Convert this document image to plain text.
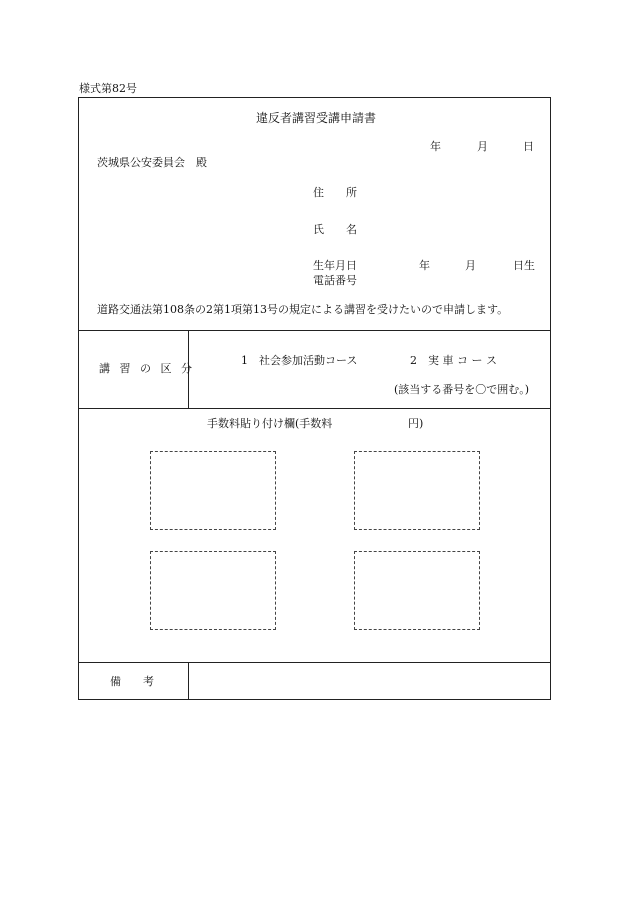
様式第82号
違反者講習受講申請書
年	月	日
茨城県公安委員会　殿
住　　所
氏　　名
生年月日	年	月	日生
電話番号
道路交通法第108条の2第1項第13号の規定による講習を受けたいので申請します。
講 習 の 区 分
1　社会参加活動コース	2　実 車 コ ー ス
(該当する番号を〇で囲む。)
手数料貼り付け欄(手数料	円)
備　　考
